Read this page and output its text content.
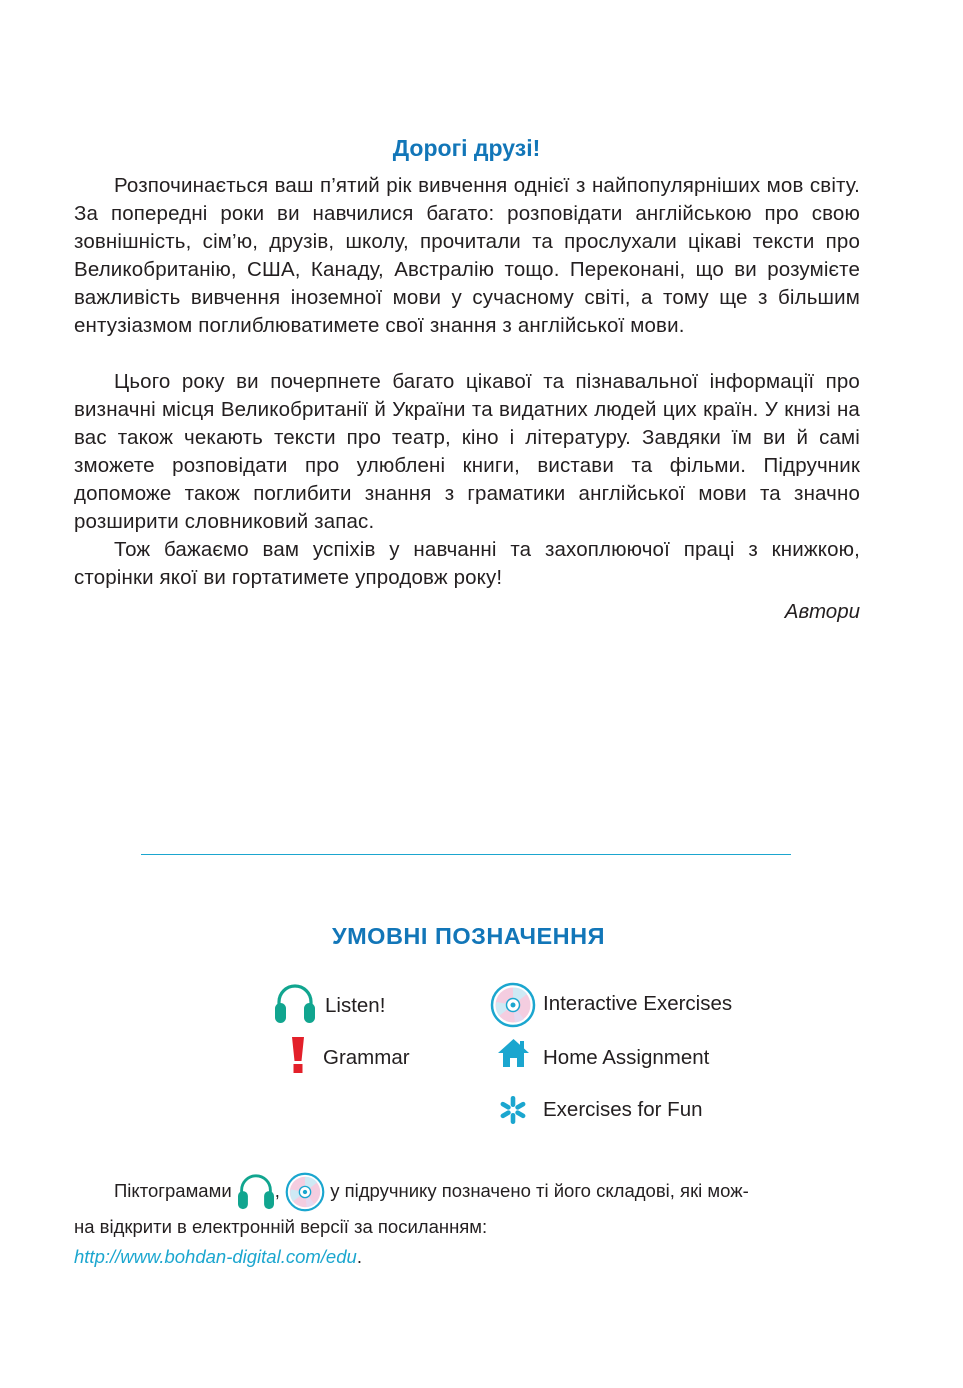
Дорогі друзі!

Розпочинається ваш п’ятий рік вивчення однієї з найпопулярніших мов світу. За попередні роки ви навчилися багато: розповідати англійською про свою зовнішність, сім’ю, друзів, школу, прочитали та прослухали цікаві тексти про Великобританію, США, Канаду, Австралію тощо. Переконані, що ви розумієте важливість вивчення іноземної мови у сучасному світі, а тому ще з більшим ентузіазмом поглиблюватимете свої знання з англійської мови.

Цього року ви почерпнете багато цікавої та пізнавальної інформації про визначні місця Великобританії й України та видатних людей цих країн. У книзі на вас також чекають тексти про театр, кіно і літературу. Завдяки їм ви й самі зможете розповідати про улюблені книги, вистави та фільми. Підручник допоможе також поглибити знання з граматики англійської мови та значно розширити словниковий запас.

Тож бажаємо вам успіхів у навчанні та захоплюючої праці з книжкою, сторінки якої ви гортатимете упродовж року!

Автори
УМОВНІ ПОЗНАЧЕННЯ
Listen!
Grammar
Interactive Exercises
Home Assignment
Exercises for Fun
Піктограмами ,	у підручнику позначено ті його складові, які мож-
на відкрити в електронній версії за посиланням:
http://www.bohdan-digital.com/edu.
